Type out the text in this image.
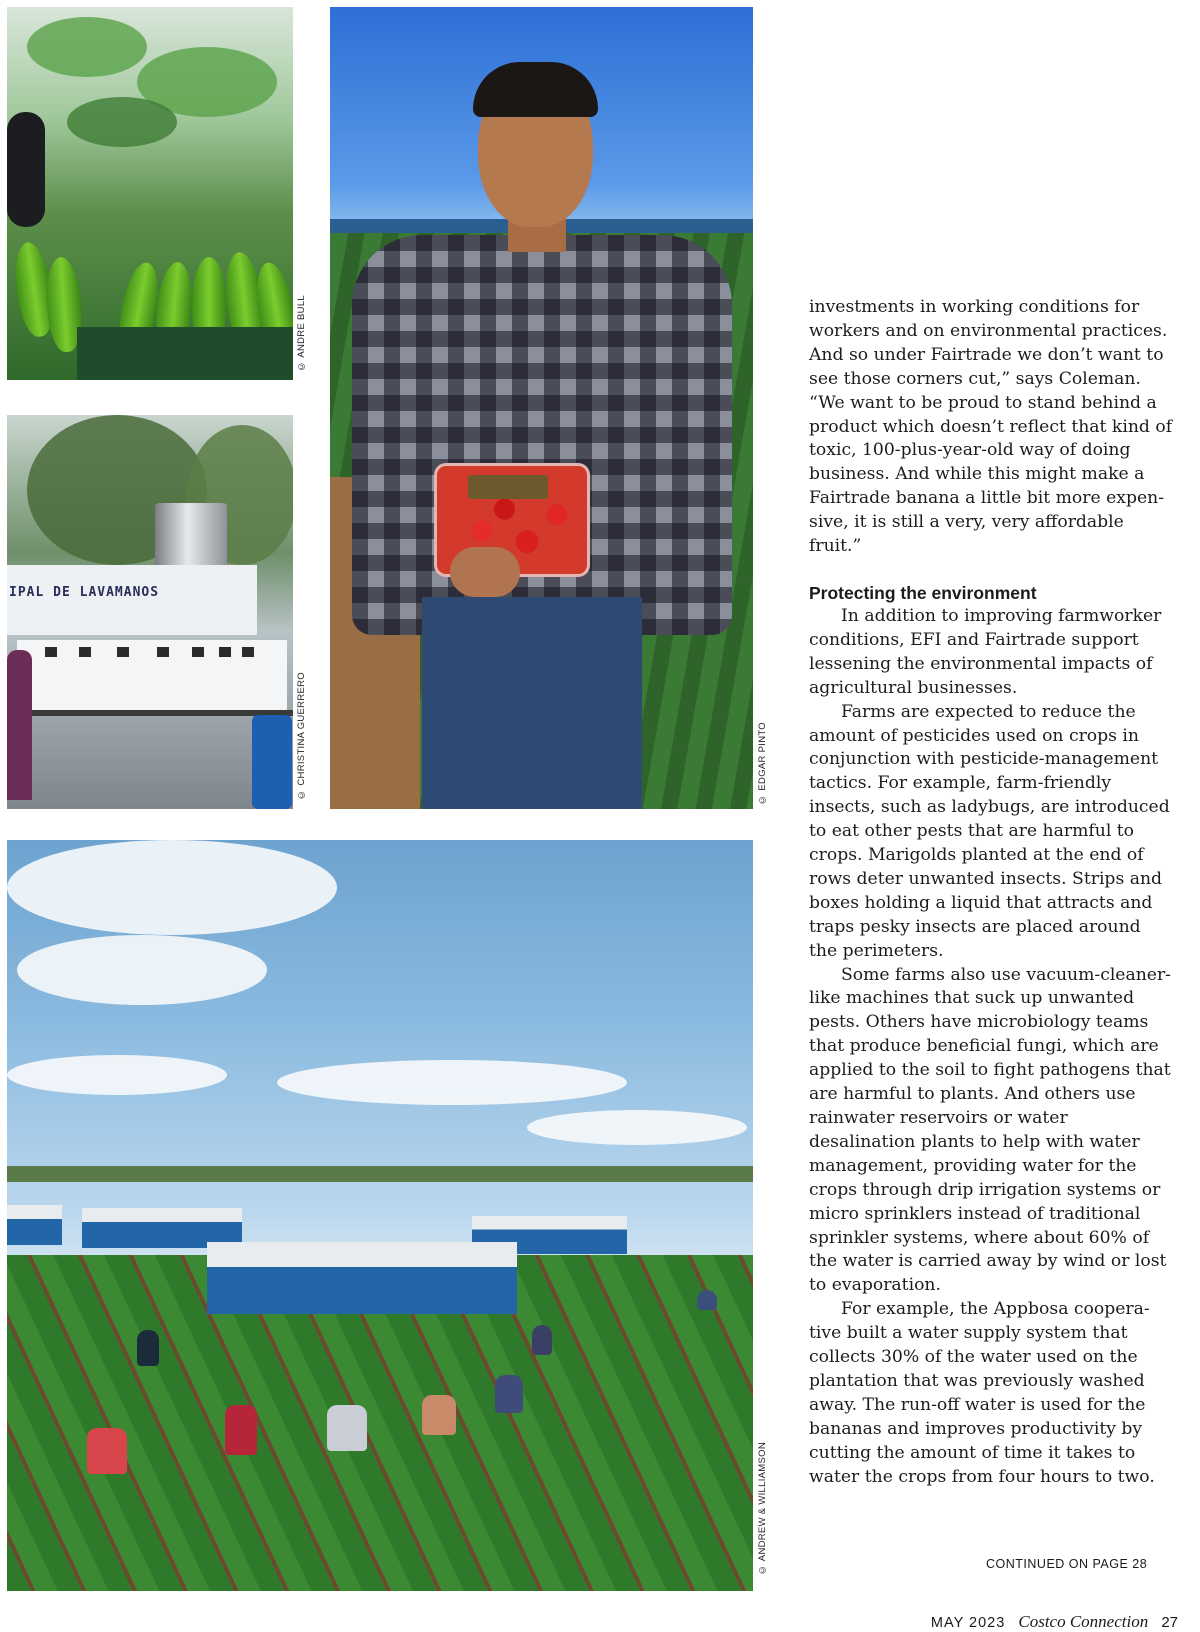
© ANDRE BULL
IPAL DE LAVAMANOS
© CHRISTINA GUERRERO	© EDGAR PINTO
© ANDREW & WILLIAMSON

investments in working conditions for workers and on environmental practices. And so under Fairtrade we don’t want to see those corners cut,” says Coleman. “We want to be proud to stand behind a product which doesn’t reflect that kind of toxic, 100-plus-year-old way of doing business. And while this might make a Fairtrade banana a little bit more expensive, it is still a very, very affordable fruit.”

Protecting the environment

In addition to improving farmworker conditions, EFI and Fairtrade support lessening the environmental impacts of agricultural businesses.

Farms are expected to reduce the amount of pesticides used on crops in conjunction with pesticide-management tactics. For example, farm-friendly insects, such as ladybugs, are introduced to eat other pests that are harmful to crops. Marigolds planted at the end of rows deter unwanted insects. Strips and boxes holding a liquid that attracts and traps pesky insects are placed around the perimeters.

Some farms also use vacuum-cleaner-like machines that suck up unwanted pests. Others have microbiology teams that produce beneficial fungi, which are applied to the soil to fight pathogens that are harmful to plants. And others use rainwater reservoirs or water desalination plants to help with water management, providing water for the crops through drip irrigation systems or micro sprinklers instead of traditional sprinkler systems, where about 60% of the water is carried away by wind or lost to evaporation.

For example, the Appbosa cooperative built a water supply system that collects 30% of the water used on the plantation that was previously washed away. The run-off water is used for the bananas and improves productivity by cutting the amount of time it takes to water the crops from four hours to two.

CONTINUED ON PAGE 28
MAY 2023 Costco Connection 27
